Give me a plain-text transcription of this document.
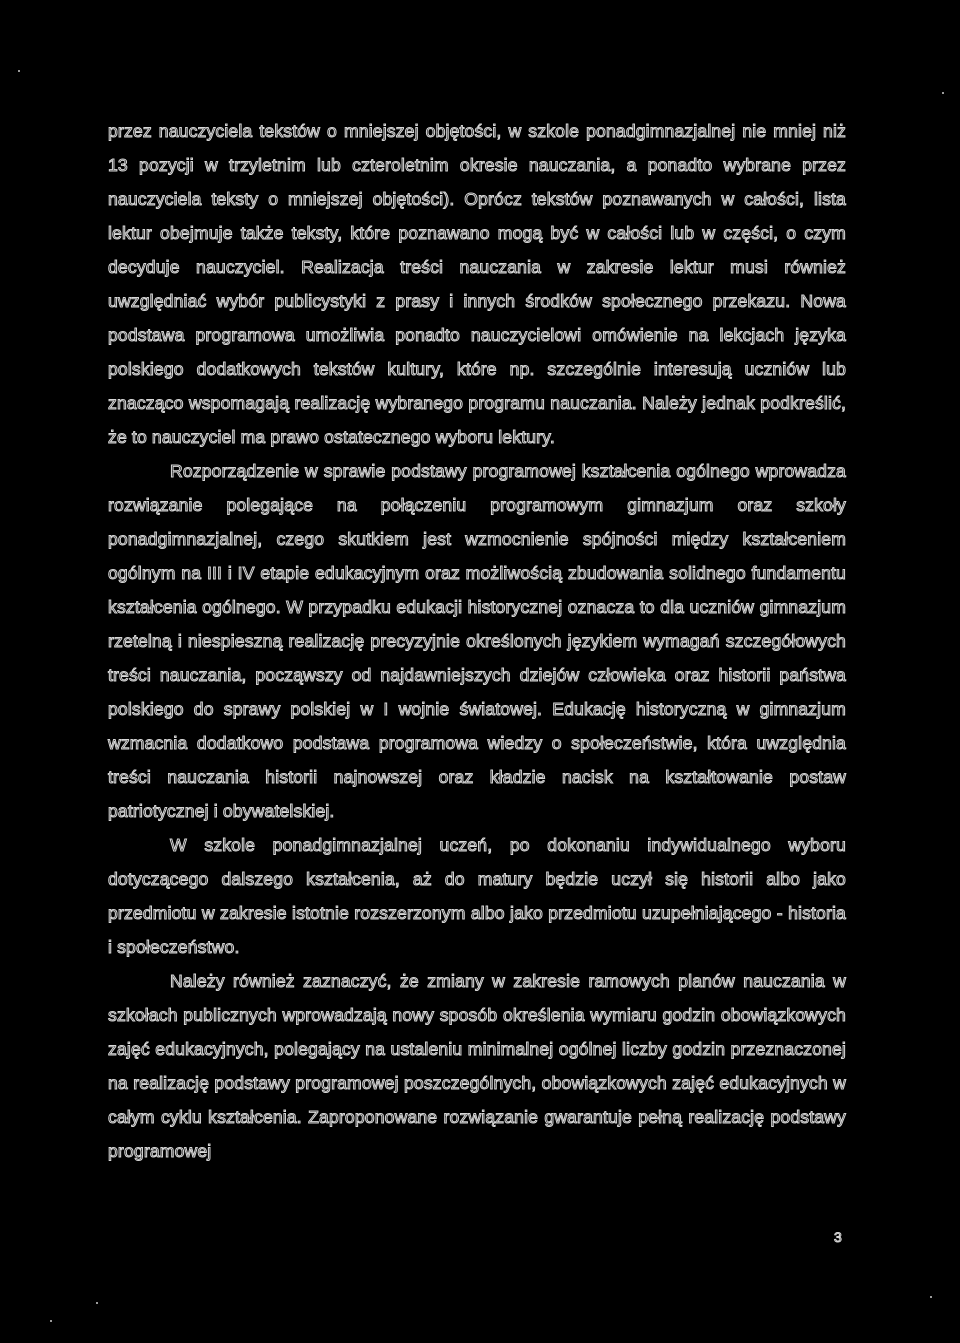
przez nauczyciela tekstów o mniejszej objętości, w szkole ponadgimnazjalnej nie mniej niż 13 pozycji w trzyletnim lub czteroletnim okresie nauczania, a ponadto wybrane przez nauczyciela teksty o mniejszej objętości). Oprócz tekstów poznawanych w całości, lista lektur obejmuje także teksty, które poznawano mogą być w całości lub w części, o czym decyduje nauczyciel. Realizacja treści nauczania w zakresie lektur musi również uwzględniać wybór publicystyki z prasy i innych środków społecznego przekazu. Nowa podstawa programowa umożliwia ponadto nauczycielowi omówienie na lekcjach języka polskiego dodatkowych tekstów kultury, które np. szczególnie interesują uczniów lub znacząco wspomagają realizację wybranego programu nauczania. Należy jednak podkreślić, że to nauczyciel ma prawo ostatecznego wyboru lektury.

Rozporządzenie w sprawie podstawy programowej kształcenia ogólnego wprowadza rozwiązanie polegające na połączeniu programowym gimnazjum oraz szkoły ponadgimnazjalnej, czego skutkiem jest wzmocnienie spójności między kształceniem ogólnym na III i IV etapie edukacyjnym oraz możliwością zbudowania solidnego fundamentu kształcenia ogólnego. W przypadku edukacji historycznej oznacza to dla uczniów gimnazjum rzetelną i niespieszną realizację precyzyjnie określonych językiem wymagań szczegółowych treści nauczania, począwszy od najdawniejszych dziejów człowieka oraz historii państwa polskiego do sprawy polskiej w I wojnie światowej. Edukację historyczną w gimnazjum wzmacnia dodatkowo podstawa programowa wiedzy o społeczeństwie, która uwzględnia treści nauczania historii najnowszej oraz kładzie nacisk na kształtowanie postaw patriotycznej i obywatelskiej.

W szkole ponadgimnazjalnej uczeń, po dokonaniu indywidualnego wyboru dotyczącego dalszego kształcenia, aż do matury będzie uczył się historii albo jako przedmiotu w zakresie istotnie rozszerzonym albo jako przedmiotu uzupełniającego - historia i społeczeństwo.

Należy również zaznaczyć, że zmiany w zakresie ramowych planów nauczania w szkołach publicznych wprowadzają nowy sposób określenia wymiaru godzin obowiązkowych zajęć edukacyjnych, polegający na ustaleniu minimalnej ogólnej liczby godzin przeznaczonej na realizację podstawy programowej poszczególnych, obowiązkowych zajęć edukacyjnych w całym cyklu kształcenia. Zaproponowane rozwiązanie gwarantuje pełną realizację podstawy programowej

3
